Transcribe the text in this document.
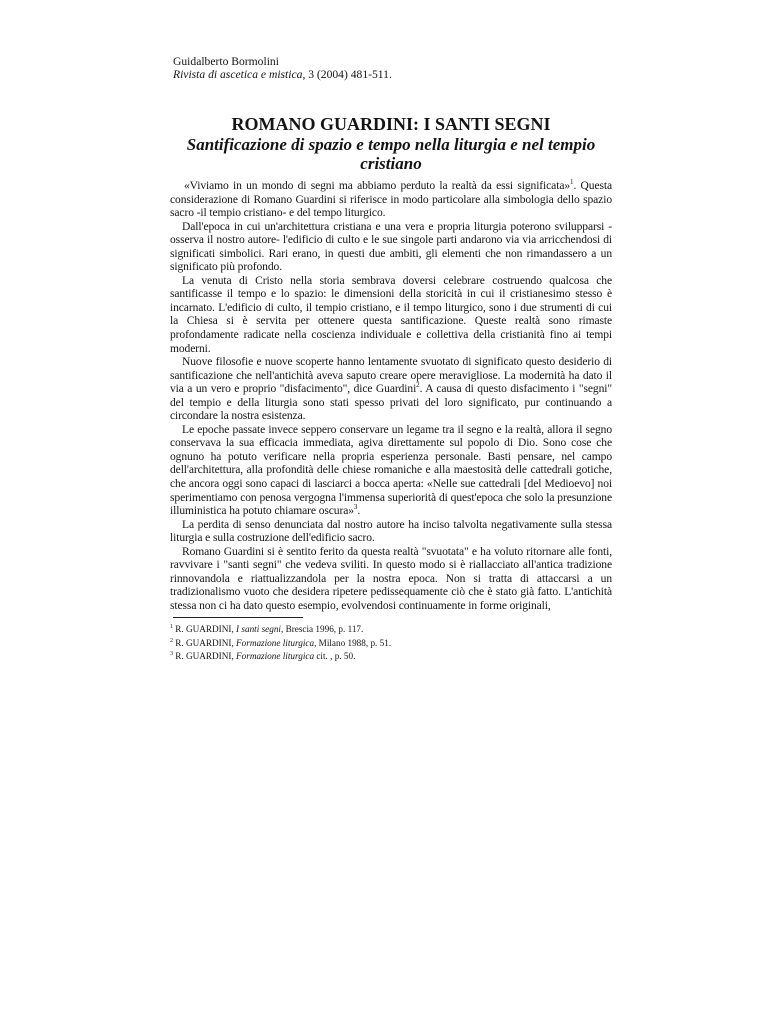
Guidalberto Bormolini
Rivista di ascetica e mistica, 3 (2004) 481-511.
ROMANO GUARDINI: I SANTI SEGNI
Santificazione di spazio e tempo nella liturgia e nel tempio cristiano

«Viviamo in un mondo di segni ma abbiamo perduto la realtà da essi significata»$^1$. Questa considerazione di Romano Guardini si riferisce in modo particolare alla simbologia dello spazio sacro -il tempio cristiano- e del tempo liturgico.

Dall'epoca in cui un'architettura cristiana e una vera e propria liturgia poterono svilupparsi - osserva il nostro autore- l'edificio di culto e le sue singole parti andarono via via arricchendosi di significati simbolici. Rari erano, in questi due ambiti, gli elementi che non rimandassero a un significato più profondo.

La venuta di Cristo nella storia sembrava doversi celebrare costruendo qualcosa che santificasse il tempo e lo spazio: le dimensioni della storicità in cui il cristianesimo stesso è incarnato. L'edificio di culto, il tempio cristiano, e il tempo liturgico, sono i due strumenti di cui la Chiesa si è servita per ottenere questa santificazione. Queste realtà sono rimaste profondamente radicate nella coscienza individuale e collettiva della cristianità fino ai tempi moderni.

Nuove filosofie e nuove scoperte hanno lentamente svuotato di significato questo desiderio di santificazione che nell'antichità aveva saputo creare opere meravigliose. La modernità ha dato il via a un vero e proprio "disfacimento", dice Guardini$^2$. A causa di questo disfacimento i "segni" del tempio e della liturgia sono stati spesso privati del loro significato, pur continuando a circondare la nostra esistenza.

Le epoche passate invece seppero conservare un legame tra il segno e la realtà, allora il segno conservava la sua efficacia immediata, agiva direttamente sul popolo di Dio. Sono cose che ognuno ha potuto verificare nella propria esperienza personale. Basti pensare, nel campo dell'architettura, alla profondità delle chiese romaniche e alla maestosità delle cattedrali gotiche, che ancora oggi sono capaci di lasciarci a bocca aperta: «Nelle sue cattedrali [del Medioevo] noi sperimentiamo con penosa vergogna l'immensa superiorità di quest'epoca che solo la presunzione illuministica ha potuto chiamare oscura»$^3$.

La perdita di senso denunciata dal nostro autore ha inciso talvolta negativamente sulla stessa liturgia e sulla costruzione dell'edificio sacro.

Romano Guardini si è sentito ferito da questa realtà "svuotata" e ha voluto ritornare alle fonti, ravvivare i "santi segni" che vedeva sviliti. In questo modo si è riallacciato all'antica tradizione rinnovandola e riattualizzandola per la nostra epoca. Non si tratta di attaccarsi a un tradizionalismo vuoto che desidera ripetere pedissequamente ciò che è stato già fatto. L'antichità stessa non ci ha dato questo esempio, evolvendosi continuamente in forme originali,

$^1$ R. GUARDINI, I santi segni, Brescia 1996, p. 117.
$^2$ R. GUARDINI, Formazione liturgica, Milano 1988, p. 51.
$^3$ R. GUARDINI, Formazione liturgica cit. , p. 50.
